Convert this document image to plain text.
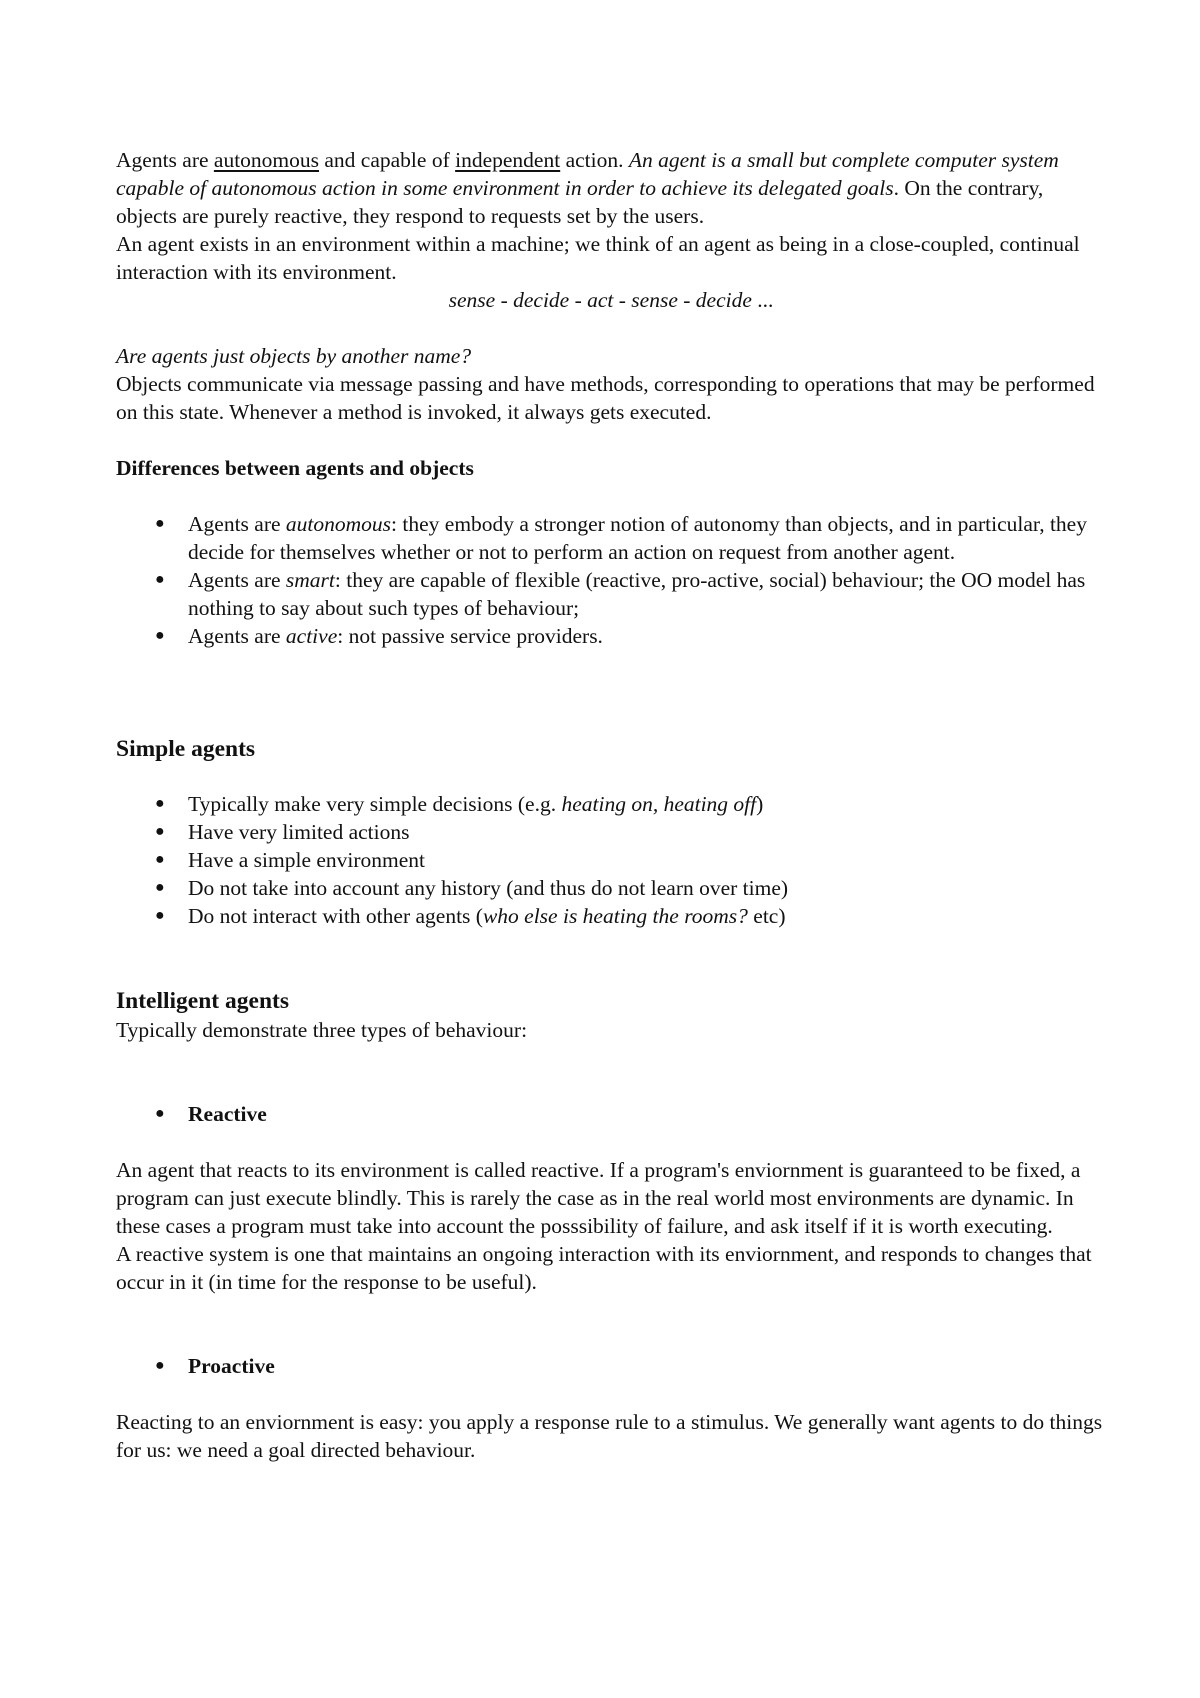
Agents are autonomous and capable of independent action. An agent is a small but complete computer system capable of autonomous action in some environment in order to achieve its delegated goals. On the contrary, objects are purely reactive, they respond to requests set by the users.

An agent exists in an environment within a machine; we think of an agent as being in a close-coupled, continual interaction with its environment.

sense - decide - act - sense - decide ...

Are agents just objects by another name?

Objects communicate via message passing and have methods, corresponding to operations that may be performed on this state. Whenever a method is invoked, it always gets executed.

Differences between agents and objects
● Agents are autonomous: they embody a stronger notion of autonomy than objects, and in particular, they decide for themselves whether or not to perform an action on request from another agent.
● Agents are smart: they are capable of flexible (reactive, pro-active, social) behaviour; the OO model has nothing to say about such types of behaviour;
● Agents are active: not passive service providers.
Simple agents
● Typically make very simple decisions (e.g. heating on, heating off)
● Have very limited actions
● Have a simple environment
● Do not take into account any history (and thus do not learn over time)
● Do not interact with other agents (who else is heating the rooms? etc)
Intelligent agents

Typically demonstrate three types of behaviour:

● Reactive

An agent that reacts to its environment is called reactive. If a program's enviornment is guaranteed to be fixed, a program can just execute blindly. This is rarely the case as in the real world most environments are dynamic. In these cases a program must take into account the posssibility of failure, and ask itself if it is worth executing.

A reactive system is one that maintains an ongoing interaction with its enviornment, and responds to changes that occur in it (in time for the response to be useful).

● Proactive

Reacting to an enviornment is easy: you apply a response rule to a stimulus. We generally want agents to do things for us: we need a goal directed behaviour.
